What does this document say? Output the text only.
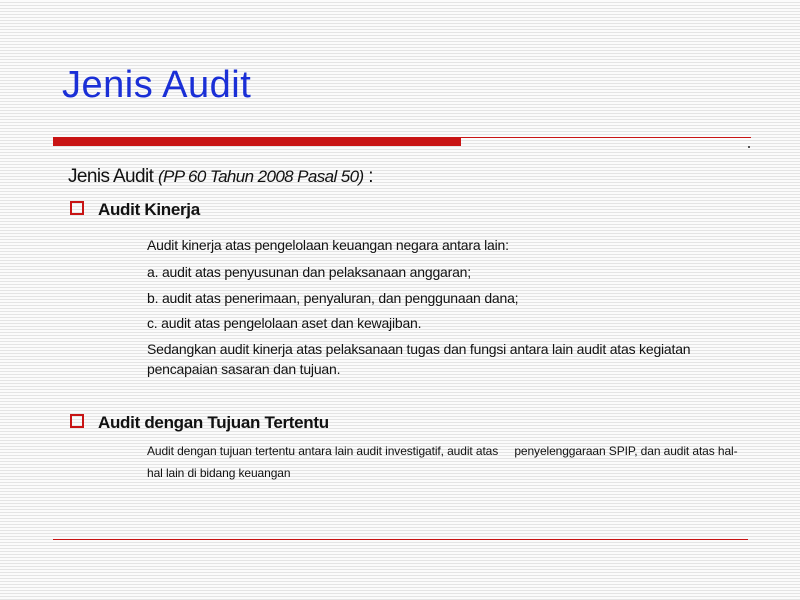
Jenis Audit
Jenis Audit (PP 60 Tahun 2008 Pasal 50) :
Audit Kinerja

Audit kinerja atas pengelolaan keuangan negara antara lain:

a. audit atas penyusunan dan pelaksanaan anggaran;

b. audit atas penerimaan, penyaluran, dan penggunaan dana;

c. audit atas pengelolaan aset dan kewajiban.

Sedangkan audit kinerja atas pelaksanaan tugas dan fungsi antara lain audit atas kegiatan pencapaian sasaran dan tujuan.

Audit dengan Tujuan Tertentu

Audit dengan tujuan tertentu antara lain audit investigatif, audit atas     penyelenggaraan SPIP, dan audit atas hal-hal lain di bidang keuangan
